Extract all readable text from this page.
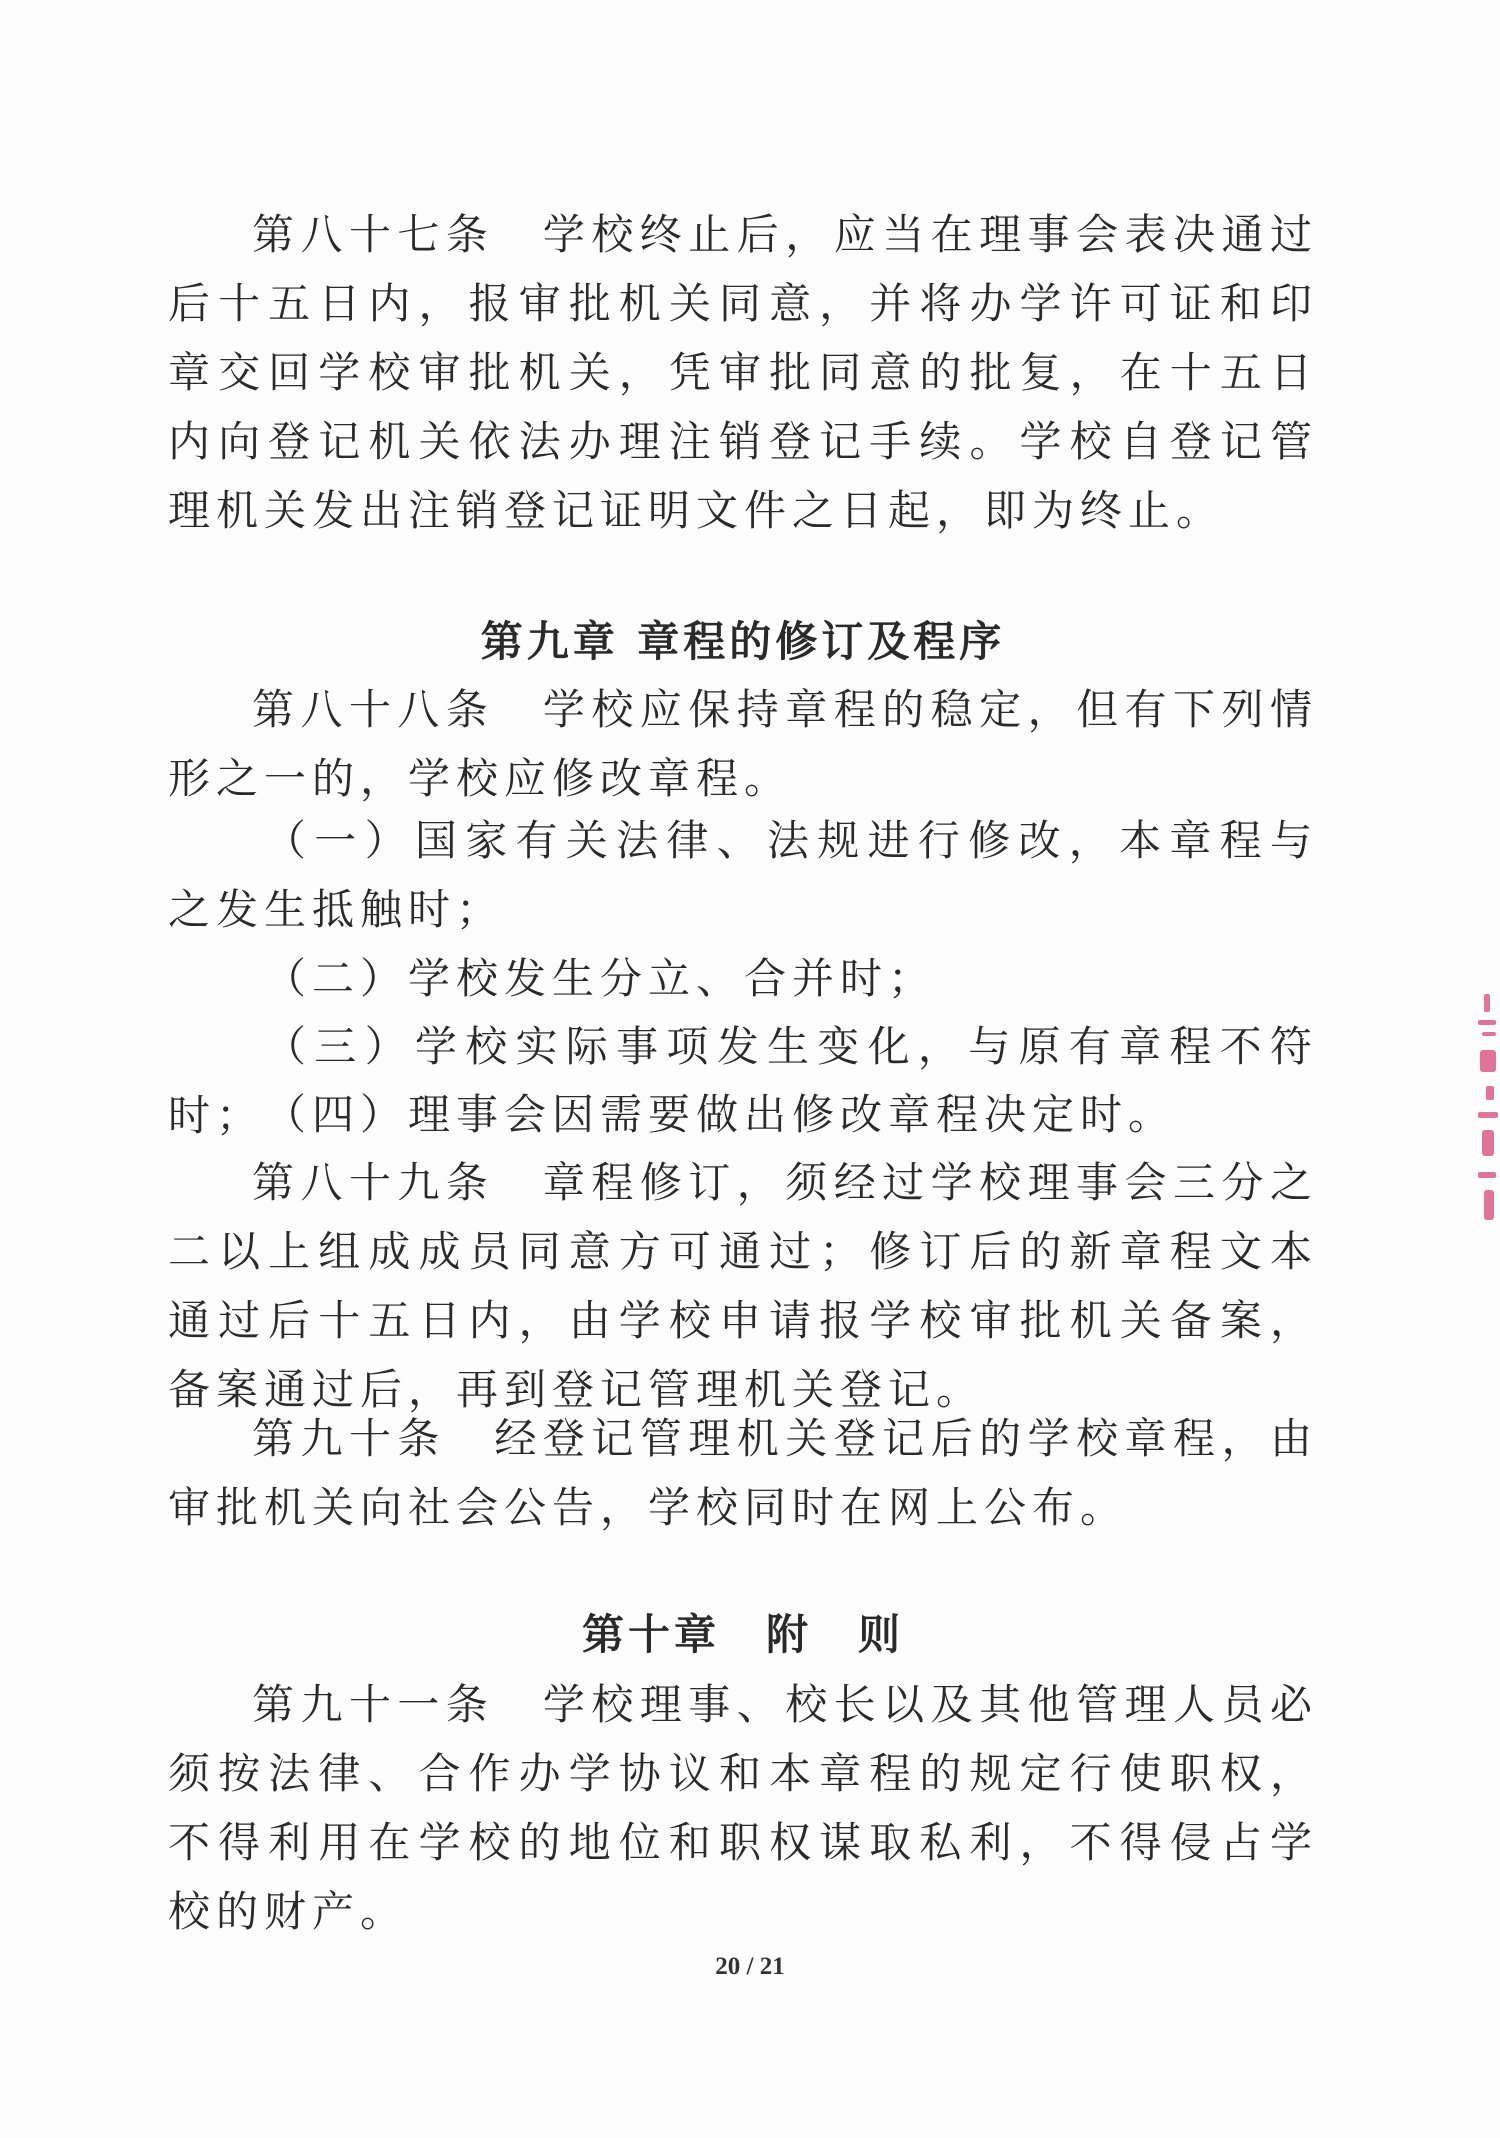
第八十七条　学校终止后，应当在理事会表决通过后十五日内，报审批机关同意，并将办学许可证和印章交回学校审批机关，凭审批同意的批复，在十五日内向登记机关依法办理注销登记手续。学校自登记管理机关发出注销登记证明文件之日起，即为终止。

第九章 章程的修订及程序

第八十八条　学校应保持章程的稳定，但有下列情形之一的，学校应修改章程。

（一）国家有关法律、法规进行修改，本章程与之发生抵触时；

（二）学校发生分立、合并时；

（三）学校实际事项发生变化，与原有章程不符时； （四）理事会因需要做出修改章程决定时。

第八十九条　章程修订，须经过学校理事会三分之二以上组成成员同意方可通过；修订后的新章程文本通过后十五日内，由学校申请报学校审批机关备案，备案通过后，再到登记管理机关登记。

第九十条　经登记管理机关登记后的学校章程，由审批机关向社会公告，学校同时在网上公布。

第十章　附　则

第九十一条　学校理事、校长以及其他管理人员必须按法律、合作办学协议和本章程的规定行使职权，不得利用在学校的地位和职权谋取私利，不得侵占学校的财产。

20 / 21
